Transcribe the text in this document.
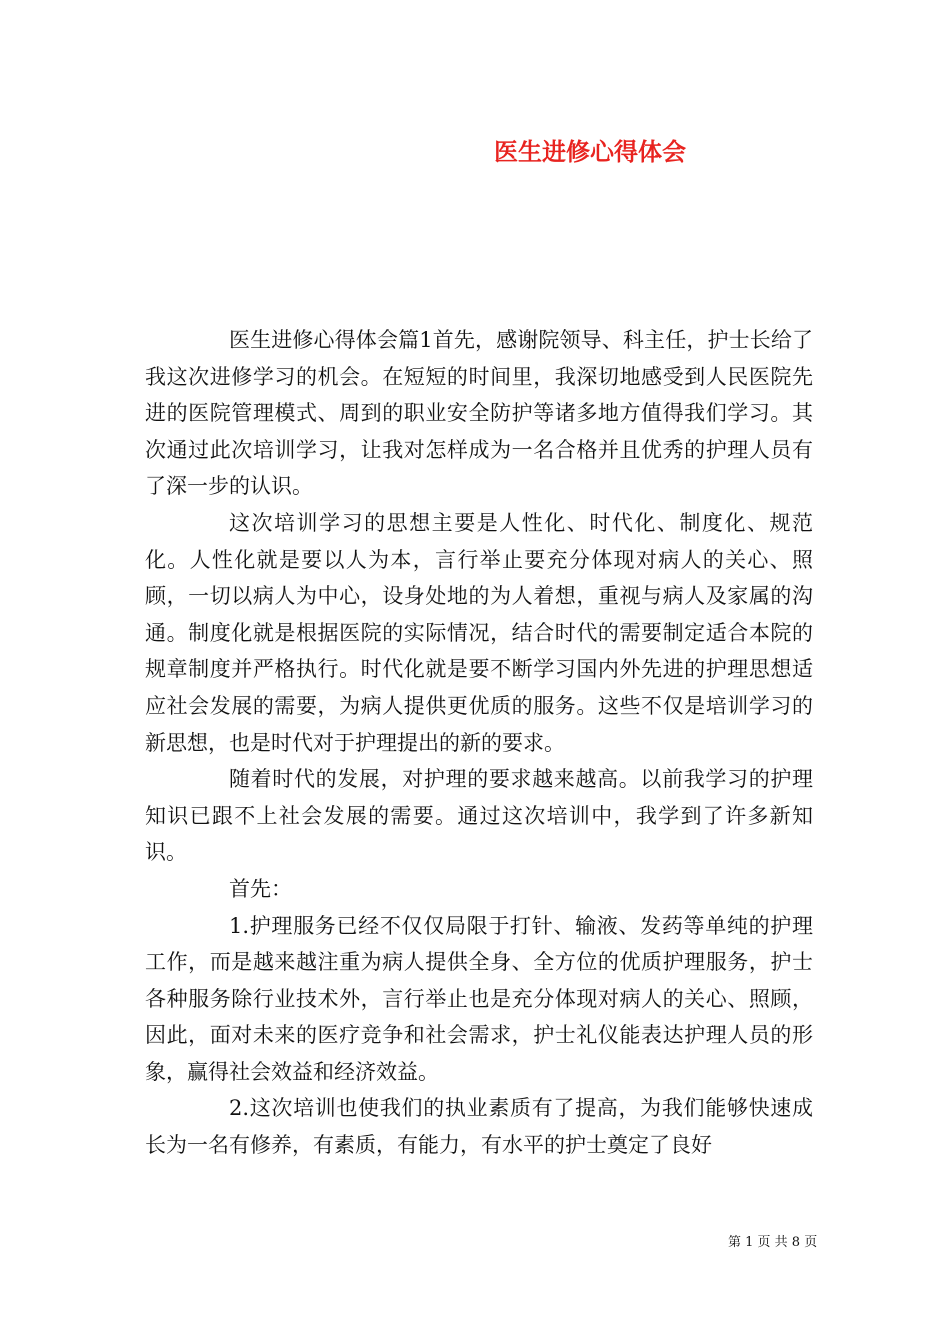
医生进修心得体会

医生进修心得体会篇1首先，感谢院领导、科主任，护士长给了我这次进修学习的机会。在短短的时间里，我深切地感受到人民医院先进的医院管理模式、周到的职业安全防护等诸多地方值得我们学习。其次通过此次培训学习，让我对怎样成为一名合格并且优秀的护理人员有了深一步的认识。

这次培训学习的思想主要是人性化、时代化、制度化、规范化。人性化就是要以人为本，言行举止要充分体现对病人的关心、照顾，一切以病人为中心，设身处地的为人着想，重视与病人及家属的沟通。制度化就是根据医院的实际情况，结合时代的需要制定适合本院的规章制度并严格执行。时代化就是要不断学习国内外先进的护理思想适应社会发展的需要，为病人提供更优质的服务。这些不仅是培训学习的新思想，也是时代对于护理提出的新的要求。

随着时代的发展，对护理的要求越来越高。以前我学习的护理知识已跟不上社会发展的需要。通过这次培训中，我学到了许多新知识。

首先：

1.护理服务已经不仅仅局限于打针、输液、发药等单纯的护理工作，而是越来越注重为病人提供全身、全方位的优质护理服务，护士各种服务除行业技术外，言行举止也是充分体现对病人的关心、照顾，因此，面对未来的医疗竞争和社会需求，护士礼仪能表达护理人员的形象，赢得社会效益和经济效益。

2.这次培训也使我们的执业素质有了提高，为我们能够快速成长为一名有修养，有素质，有能力，有水平的护士奠定了良好

第 1 页 共 8 页
